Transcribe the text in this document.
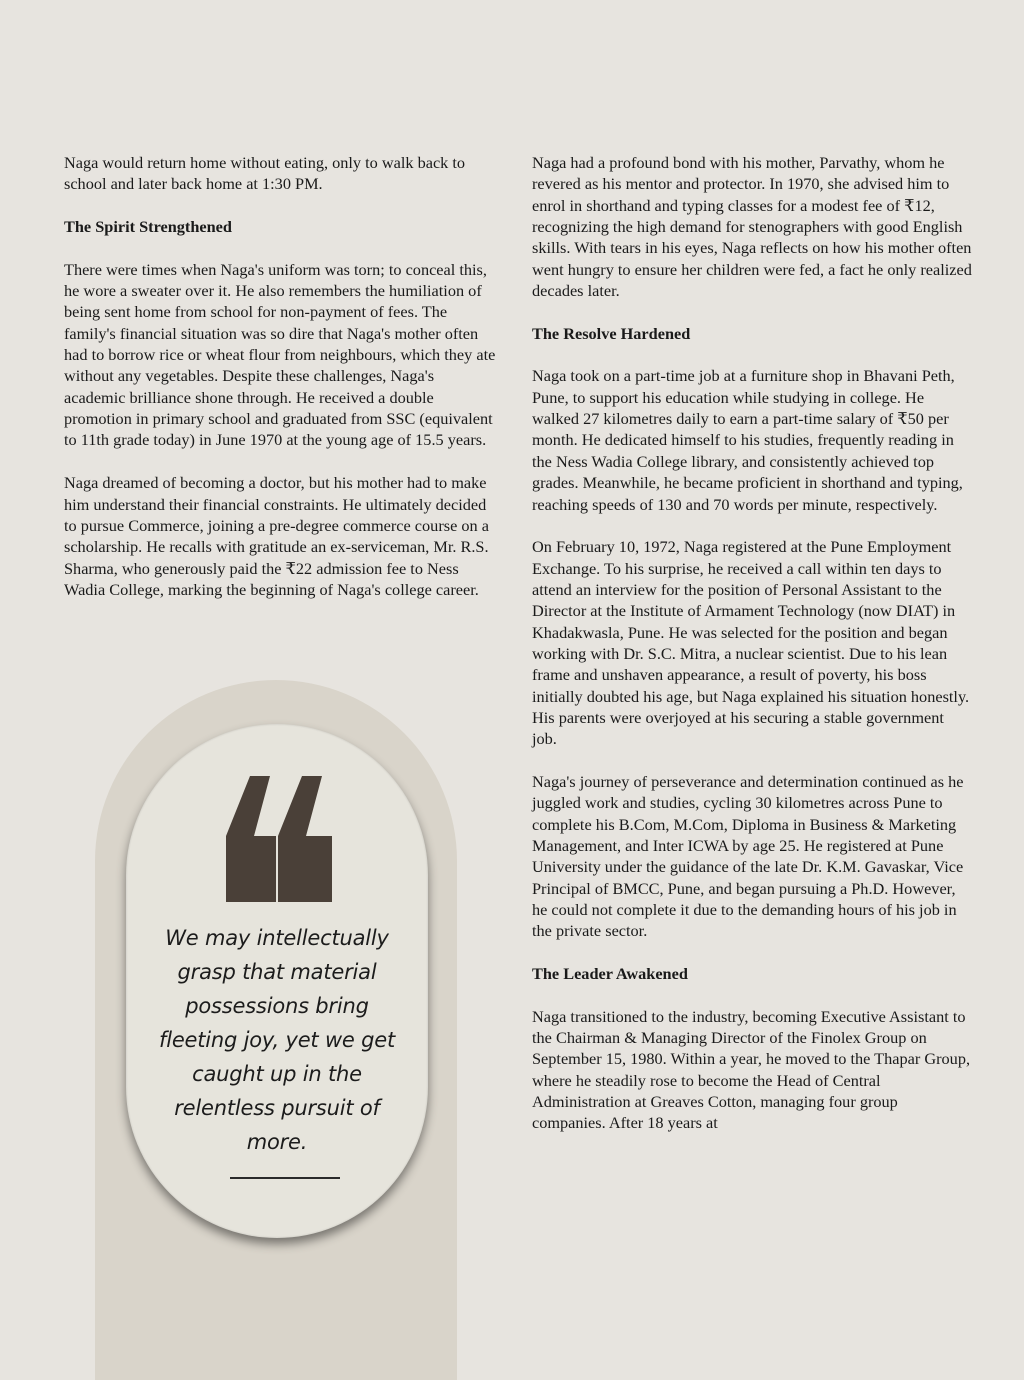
Naga would return home without eating, only to walk back to school and later back home at 1:30 PM.

The Spirit Strengthened

There were times when Naga's uniform was torn; to conceal this, he wore a sweater over it. He also remembers the humiliation of being sent home from school for non-payment of fees. The family's financial situation was so dire that Naga's mother often had to borrow rice or wheat flour from neighbours, which they ate without any vegetables. Despite these challenges, Naga's academic brilliance shone through. He received a double promotion in primary school and graduated from SSC (equivalent to 11th grade today) in June 1970 at the young age of 15.5 years.

Naga dreamed of becoming a doctor, but his mother had to make him understand their financial constraints. He ultimately decided to pursue Commerce, joining a pre-degree commerce course on a scholarship. He recalls with gratitude an ex-serviceman, Mr. R.S. Sharma, who generously paid the ₹22 admission fee to Ness Wadia College, marking the beginning of Naga's college career.

We may intellectually grasp that material possessions bring fleeting joy, yet we get caught up in the relentless pursuit of more.

Naga had a profound bond with his mother, Parvathy, whom he revered as his mentor and protector. In 1970, she advised him to enrol in shorthand and typing classes for a modest fee of ₹12, recognizing the high demand for stenographers with good English skills. With tears in his eyes, Naga reflects on how his mother often went hungry to ensure her children were fed, a fact he only realized decades later.

The Resolve Hardened

Naga took on a part-time job at a furniture shop in Bhavani Peth, Pune, to support his education while studying in college. He walked 27 kilometres daily to earn a part-time salary of ₹50 per month. He dedicated himself to his studies, frequently reading in the Ness Wadia College library, and consistently achieved top grades. Meanwhile, he became proficient in shorthand and typing, reaching speeds of 130 and 70 words per minute, respectively.

On February 10, 1972, Naga registered at the Pune Employment Exchange. To his surprise, he received a call within ten days to attend an interview for the position of Personal Assistant to the Director at the Institute of Armament Technology (now DIAT) in Khadakwasla, Pune. He was selected for the position and began working with Dr. S.C. Mitra, a nuclear scientist. Due to his lean frame and unshaven appearance, a result of poverty, his boss initially doubted his age, but Naga explained his situation honestly. His parents were overjoyed at his securing a stable government job.

Naga's journey of perseverance and determination continued as he juggled work and studies, cycling 30 kilometres across Pune to complete his B.Com, M.Com, Diploma in Business & Marketing Management, and Inter ICWA by age 25. He registered at Pune University under the guidance of the late Dr. K.M. Gavaskar, Vice Principal of BMCC, Pune, and began pursuing a Ph.D. However, he could not complete it due to the demanding hours of his job in the private sector.

The Leader Awakened

Naga transitioned to the industry, becoming Executive Assistant to the Chairman & Managing Director of the Finolex Group on September 15, 1980. Within a year, he moved to the Thapar Group, where he steadily rose to become the Head of Central Administration at Greaves Cotton, managing four group companies. After 18 years at
